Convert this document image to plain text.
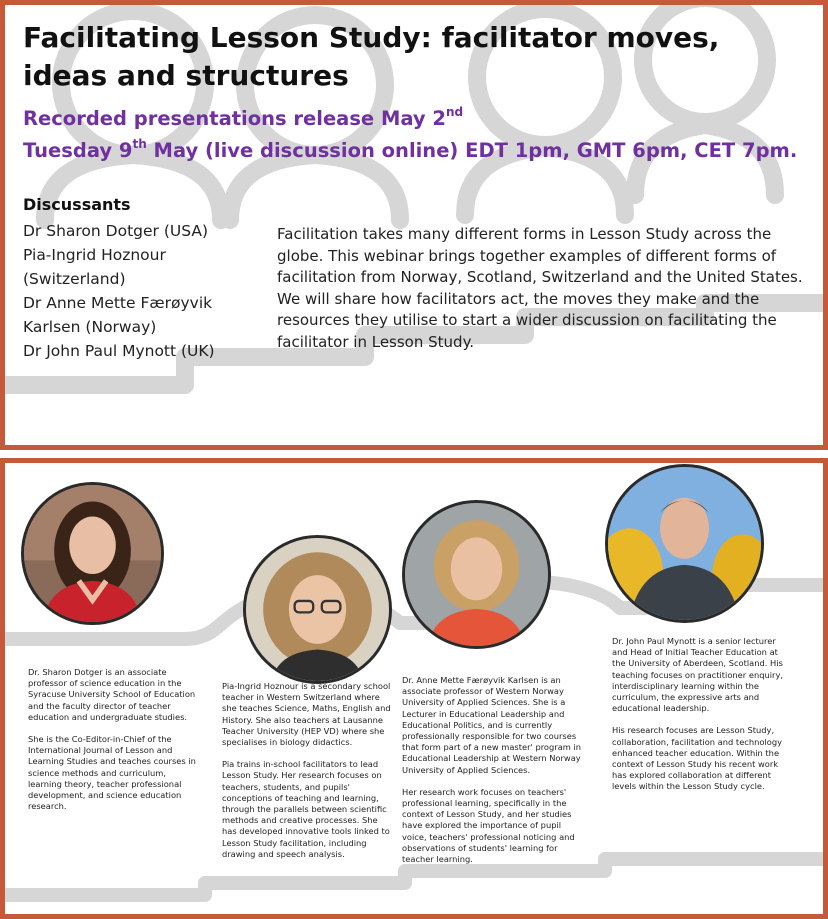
Facilitating Lesson Study: facilitator moves, ideas and structures
Recorded presentations release May 2nd
Tuesday 9th May (live discussion online) EDT 1pm, GMT 6pm, CET 7pm.
Discussants
Dr Sharon Dotger (USA)
Pia-Ingrid Hoznour
(Switzerland)
Dr Anne Mette Færøyvik
Karlsen (Norway)
Dr John Paul Mynott (UK)

Facilitation takes many different forms in Lesson Study across the globe. This webinar brings together examples of different forms of facilitation from Norway, Scotland, Switzerland and the United States. We will share how facilitators act, the moves they make and the resources they utilise to start a wider discussion on facilitating the facilitator in Lesson Study.

Dr. Sharon Dotger is an associate professor of science education in the Syracuse University School of Education and the faculty director of teacher education and undergraduate studies.

She is the Co-Editor-in-Chief of the International Journal of Lesson and Learning Studies and teaches courses in science methods and curriculum, learning theory, teacher professional development, and science education research.

Pia-Ingrid Hoznour is a secondary school teacher in Western Switzerland where she teaches Science, Maths, English and History. She also teachers at Lausanne Teacher University (HEP VD) where she specialises in biology didactics.

Pia trains in-school facilitators to lead Lesson Study. Her research focuses on teachers, students, and pupils' conceptions of teaching and learning, through the parallels between scientific methods and creative processes. She has developed innovative tools linked to Lesson Study facilitation, including drawing and speech analysis.

Dr. Anne Mette Færøyvik Karlsen is an associate professor of Western Norway University of Applied Sciences. She is a Lecturer in Educational Leadership and Educational Politics, and is currently professionally responsible for two courses that form part of a new master' program in Educational Leadership at Western Norway University of Applied Sciences.

Her research work focuses on teachers' professional learning, specifically in the context of Lesson Study, and her studies have explored the importance of pupil voice, teachers' professional noticing and observations of students' learning for teacher learning.

Dr. John Paul Mynott is a senior lecturer and Head of Initial Teacher Education at the University of Aberdeen, Scotland. His teaching focuses on practitioner enquiry, interdisciplinary learning within the curriculum, the expressive arts and educational leadership.

His research focuses are Lesson Study, collaboration, facilitation and technology enhanced teacher education. Within the context of Lesson Study his recent work has explored collaboration at different levels within the Lesson Study cycle.
